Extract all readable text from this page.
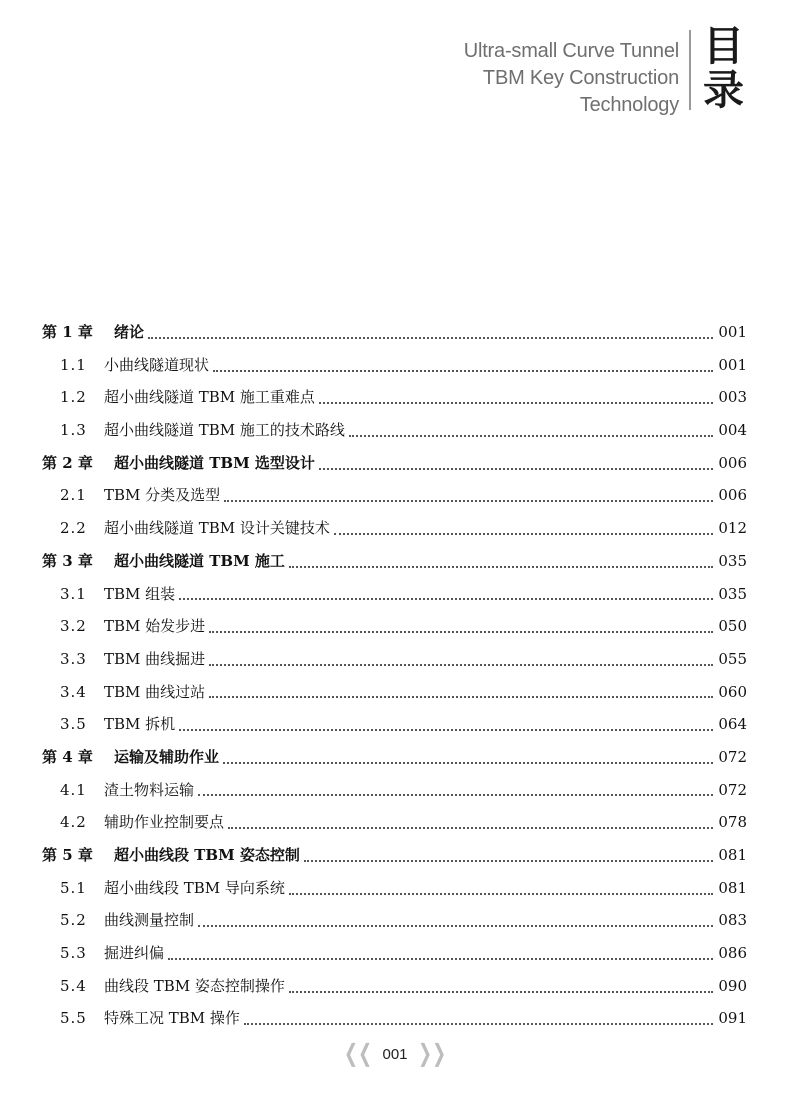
Ultra-small Curve Tunnel
TBM Key Construction
Technology
目
录
第 1 章	绪论	001
1.1	小曲线隧道现状	001
1.2	超小曲线隧道 TBM 施工重难点	003
1.3	超小曲线隧道 TBM 施工的技术路线	004
第 2 章	超小曲线隧道 TBM 选型设计	006
2.1	TBM 分类及选型	006
2.2	超小曲线隧道 TBM 设计关键技术	012
第 3 章	超小曲线隧道 TBM 施工	035
3.1	TBM 组装	035
3.2	TBM 始发步进	050
3.3	TBM 曲线掘进	055
3.4	TBM 曲线过站	060
3.5	TBM 拆机	064
第 4 章	运输及辅助作业	072
4.1	渣土物料运输	072
4.2	辅助作业控制要点	078
第 5 章	超小曲线段 TBM 姿态控制	081
5.1	超小曲线段 TBM 导向系统	081
5.2	曲线测量控制	083
5.3	掘进纠偏	086
5.4	曲线段 TBM 姿态控制操作	090
5.5	特殊工况 TBM 操作	091
❮❮ 001 ❯❯
